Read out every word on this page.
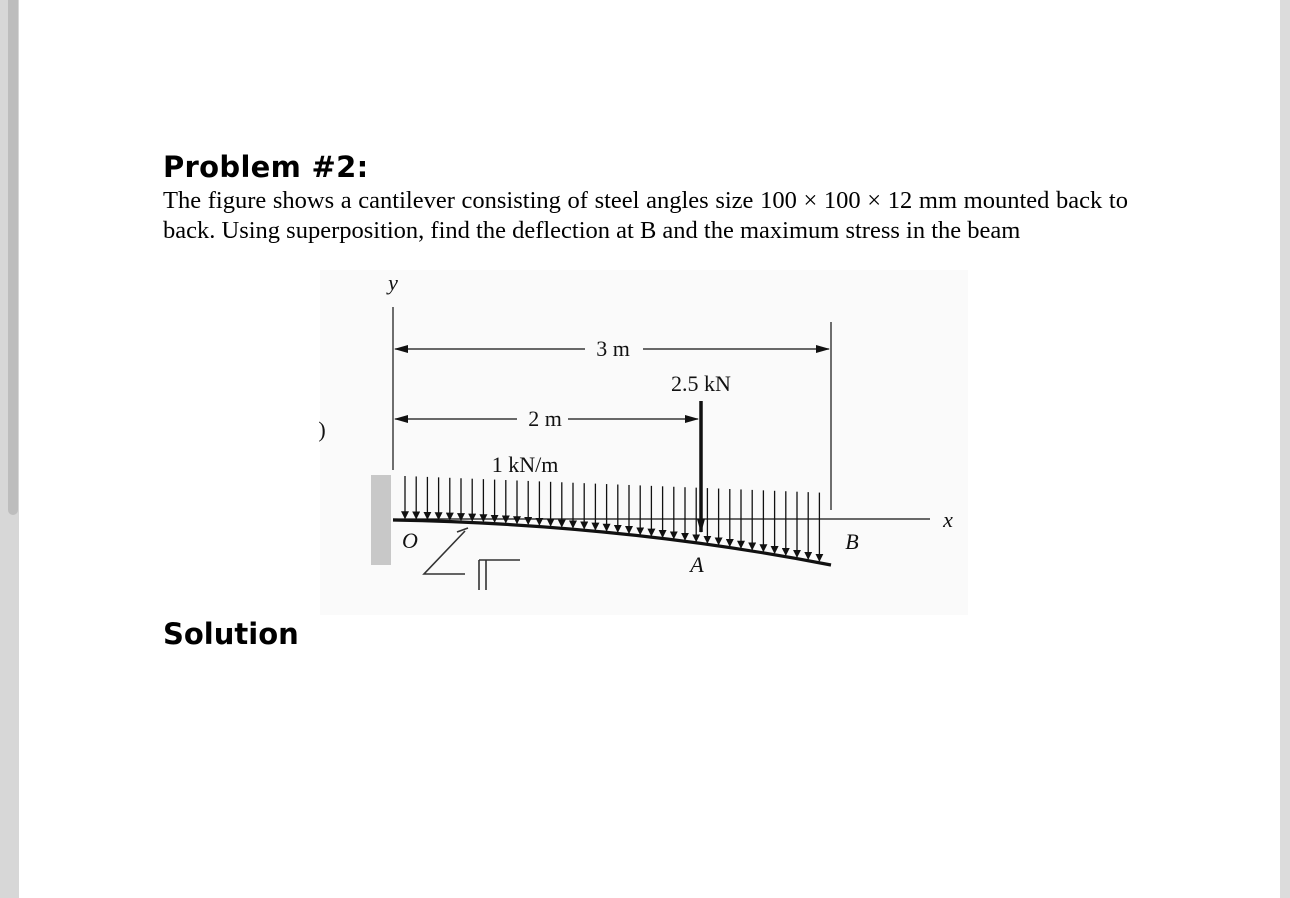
Problem #2:

The figure shows a cantilever consisting of steel angles size 100 × 100 × 12 mm mounted back to back. Using superposition, find the deflection at B and the maximum stress in the beam

y
x
O
A
B
3 m
2 m
2.5 kN
1 kN/m
)
Solution
